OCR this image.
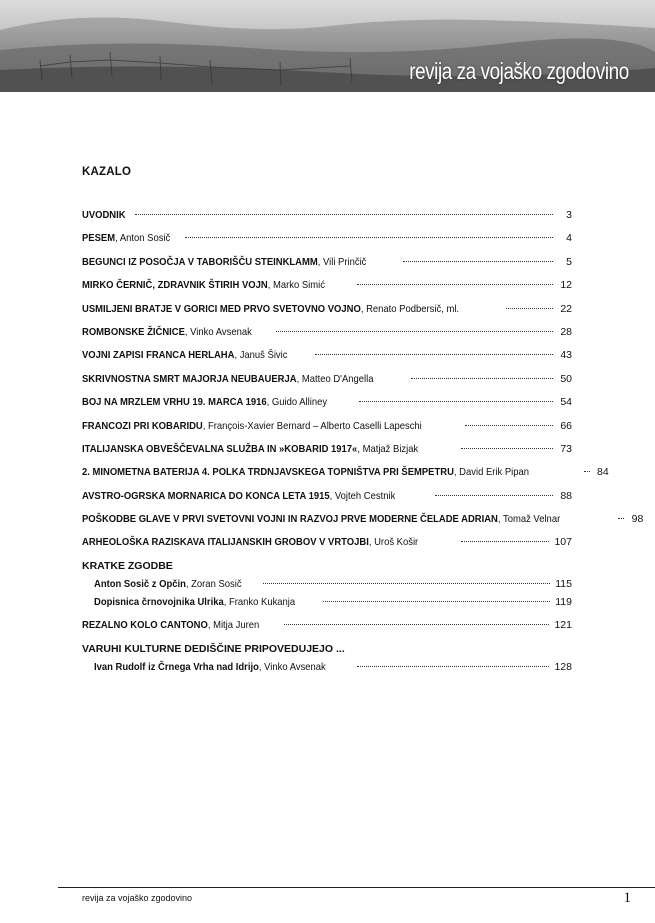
revija za vojaško zgodovino
KAZALO
UVODNIK	3
PESEM, Anton Sosič	4
BEGUNCI IZ POSOČJA V TABORIŠČU STEINKLAMM, Vili Prinčič	5
MIRKO ČERNIČ, ZDRAVNIK ŠTIRIH VOJN, Marko Simić	12
USMILJENI BRATJE V GORICI MED PRVO SVETOVNO VOJNO, Renato Podbersič, ml.	22
ROMBONSKE ŽIČNICE, Vinko Avsenak	28
VOJNI ZAPISI FRANCA HERLAHA, Januš Šivic	43
SKRIVNOSTNA SMRT MAJORJA NEUBAUERJA, Matteo D'Angella	50
BOJ NA MRZLEM VRHU 19. MARCA 1916, Guido Alliney	54
FRANCOZI PRI KOBARIDU, François-Xavier Bernard – Alberto Caselli Lapeschi	66
ITALIJANSKA OBVEŠČEVALNA SLUŽBA IN »KOBARID 1917«, Matjaž Bizjak	73
2. MINOMETNA BATERIJA 4. POLKA TRDNJAVSKEGA TOPNIŠTVA PRI ŠEMPETRU, David Erik Pipan	84
AVSTRO-OGRSKA MORNARICA DO KONCA LETA 1915, Vojteh Cestnik	88
POŠKODBE GLAVE V PRVI SVETOVNI VOJNI IN RAZVOJ PRVE MODERNE ČELADE ADRIAN, Tomaž Velnar	98
ARHEOLOŠKA RAZISKAVA ITALIJANSKIH GROBOV V VRTOJBI, Uroš Košir	107
KRATKE ZGODBE
Anton Sosič z Opčin, Zoran Sosič	115
Dopisnica črnovojnika Ulrika, Franko Kukanja	119
REZALNO KOLO CANTONO, Mitja Juren	121
VARUHI KULTURNE DEDIŠČINE PRIPOVEDUJEJO ...
Ivan Rudolf iz Črnega Vrha nad Idrijo, Vinko Avsenak	128
revija za vojaško zgodovino	1
